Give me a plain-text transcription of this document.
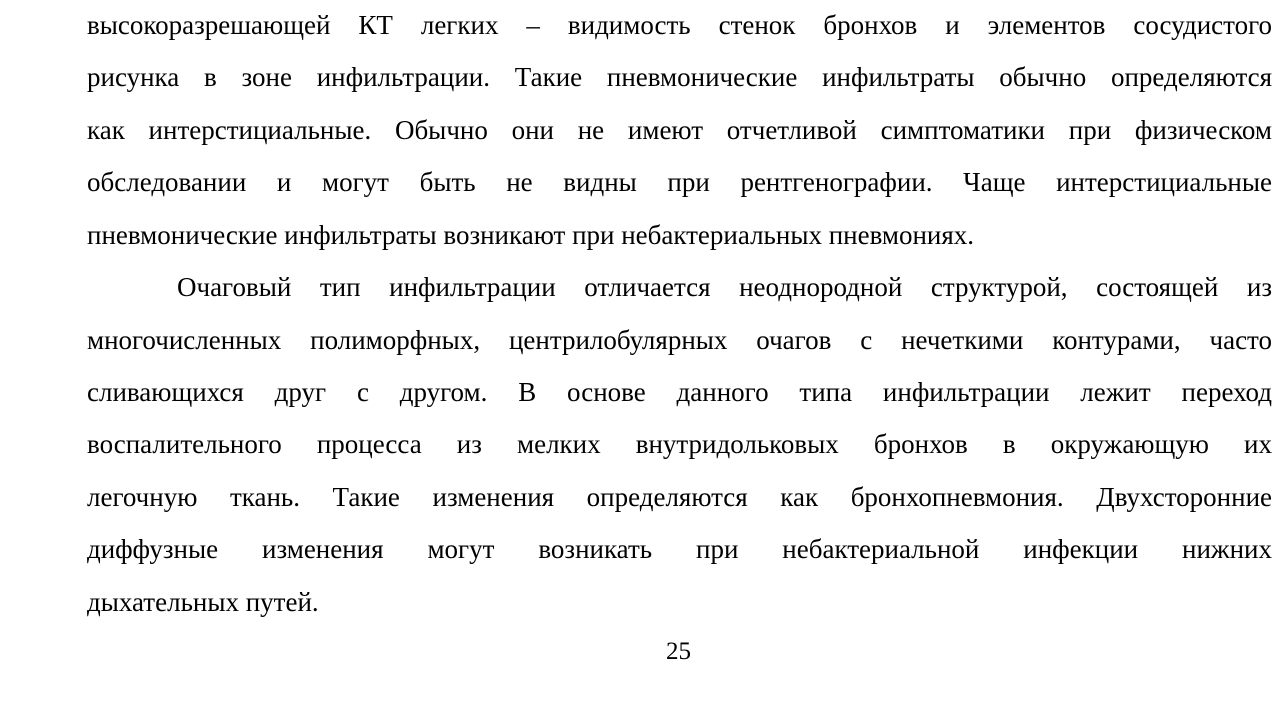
высокоразрешающей КТ легких – видимость стенок бронхов и элементов сосудистого
рисунка в зоне инфильтрации. Такие пневмонические инфильтраты обычно определяются
как интерстициальные. Обычно они не имеют отчетливой симптоматики при физическом
обследовании и могут быть не видны при рентгенографии. Чаще интерстициальные
пневмонические инфильтраты возникают при небактериальных пневмониях.
Очаговый тип инфильтрации отличается неоднородной структурой, состоящей из
многочисленных полиморфных, центрилобулярных очагов с нечеткими контурами, часто
сливающихся друг с другом. В основе данного типа инфильтрации лежит переход
воспалительного процесса из мелких внутридольковых бронхов в окружающую их
легочную ткань. Такие изменения определяются как бронхопневмония. Двухсторонние
диффузные изменения могут возникать при небактериальной инфекции нижних
дыхательных путей.
25
